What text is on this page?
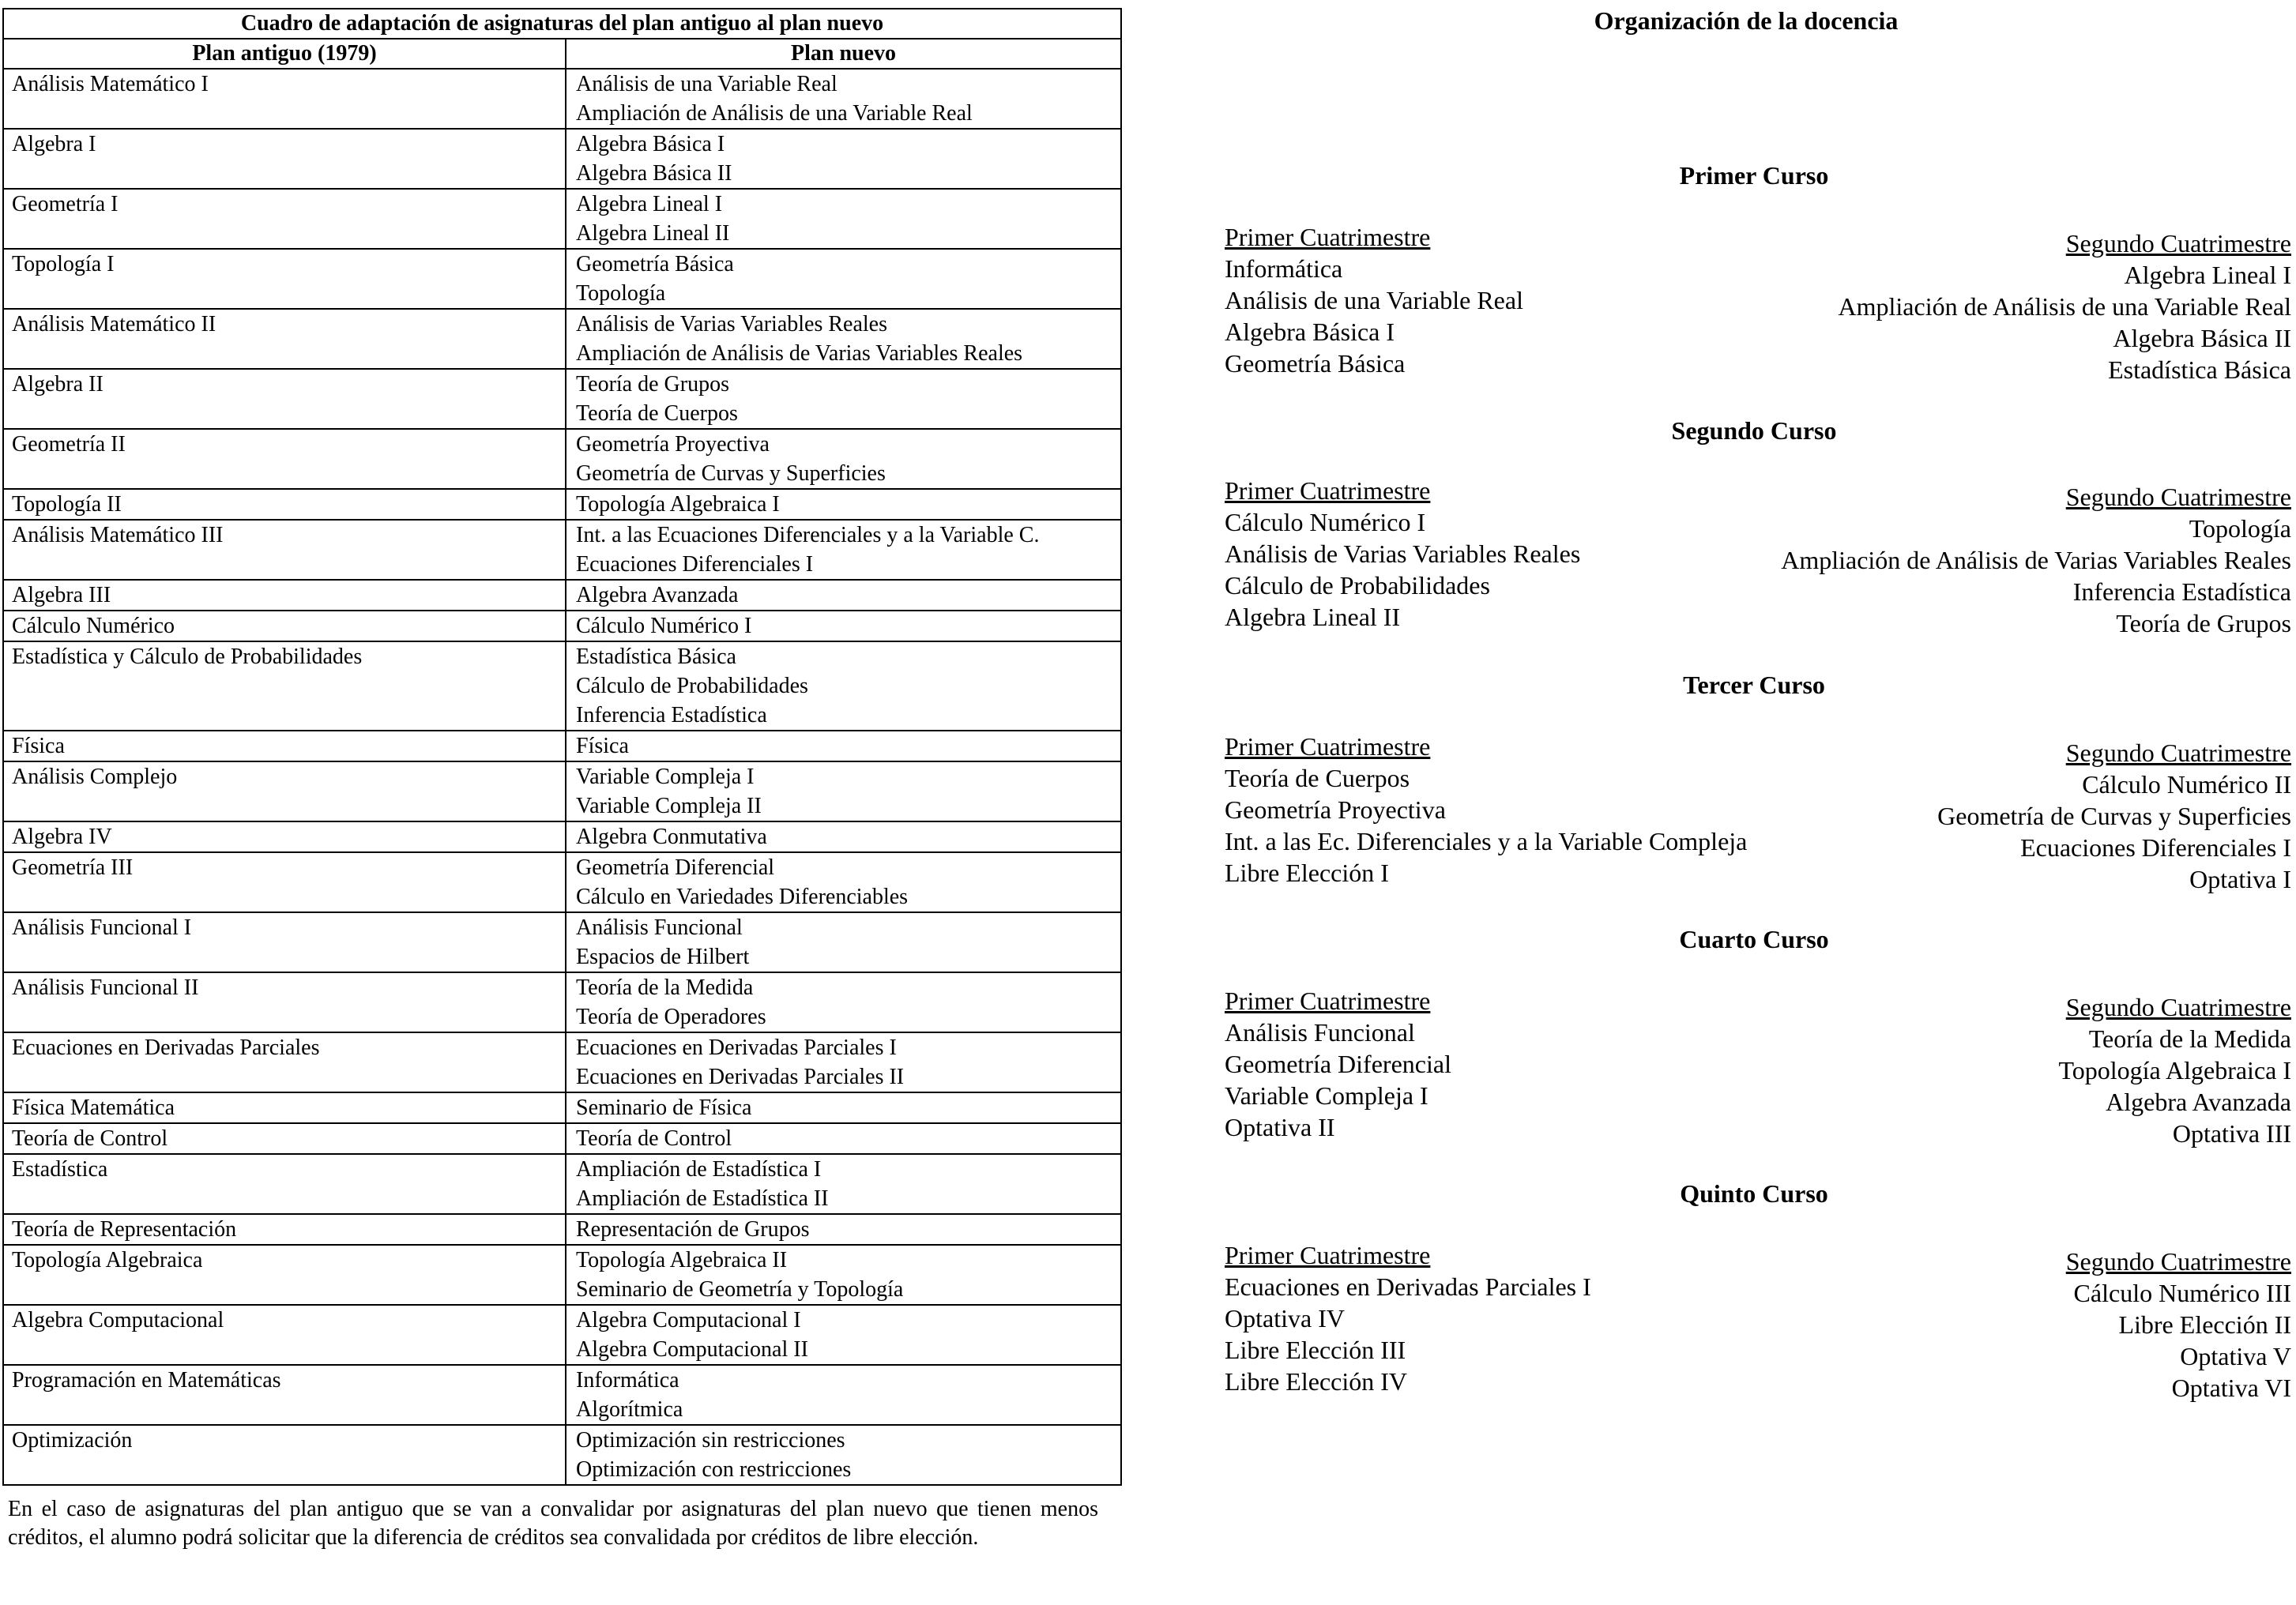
Cuadro de adaptación de asignaturas del plan antiguo al plan nuevo	
Plan antiguo (1979)	Plan nuevo

Análisis Matemático I	Análisis de una Variable Real
Ampliación de Análisis de una Variable Real

Algebra I	Algebra Básica I
Algebra Básica II

Geometría I	Algebra Lineal I
Algebra Lineal II

Topología I	Geometría Básica
Topología

Análisis Matemático II	Análisis de Varias Variables Reales
Ampliación de Análisis de Varias Variables Reales

Algebra II	Teoría de Grupos
Teoría de Cuerpos

Geometría II	Geometría Proyectiva
Geometría de Curvas y Superficies

Topología II	Topología Algebraica I

Análisis Matemático III	Int. a las Ecuaciones Diferenciales y a la Variable C.
Ecuaciones Diferenciales I

Algebra III	Algebra Avanzada

Cálculo Numérico	Cálculo Numérico I

Estadística y Cálculo de Probabilidades	Estadística Básica
Cálculo de Probabilidades
Inferencia Estadística

Física	Física

Análisis Complejo	Variable Compleja I
Variable Compleja II

Algebra IV	Algebra Conmutativa

Geometría III	Geometría Diferencial
Cálculo en Variedades Diferenciables

Análisis Funcional I	Análisis Funcional
Espacios de Hilbert

Análisis Funcional II	Teoría de la Medida
Teoría de Operadores

Ecuaciones en Derivadas Parciales	Ecuaciones en Derivadas Parciales I
Ecuaciones en Derivadas Parciales II

Física Matemática	Seminario de Física

Teoría de Control	Teoría de Control

Estadística	Ampliación de Estadística I
Ampliación de Estadística II

Teoría de Representación	Representación de Grupos

Topología Algebraica	Topología Algebraica II
Seminario de Geometría y Topología

Algebra Computacional	Algebra Computacional I
Algebra Computacional II

Programación en Matemáticas	Informática
Algorítmica

Optimización	Optimización sin restricciones
Optimización con restricciones
En el caso de asignaturas del plan antiguo que se van a convalidar por asignaturas del plan nuevo que tienen menos créditos, el alumno podrá solicitar que la diferencia de créditos sea convalidada por créditos de libre elección.
Organización de la docencia
Primer Curso
Primer Cuatrimestre
Informática
Análisis de una Variable Real
Algebra Básica I
Geometría Básica
Segundo Cuatrimestre
Algebra Lineal I
Ampliación de Análisis de una Variable Real
Algebra Básica II
Estadística Básica
Segundo Curso
Primer Cuatrimestre
Cálculo Numérico I
Análisis de Varias Variables Reales
Cálculo de Probabilidades
Algebra Lineal II
Segundo Cuatrimestre
Topología
Ampliación de Análisis de Varias Variables Reales
Inferencia Estadística
Teoría de Grupos
Tercer Curso
Primer Cuatrimestre
Teoría de Cuerpos
Geometría Proyectiva
Int. a las Ec. Diferenciales y a la Variable Compleja
Libre Elección I
Segundo Cuatrimestre
Cálculo Numérico II
Geometría de Curvas y Superficies
Ecuaciones Diferenciales I
Optativa I
Cuarto Curso
Primer Cuatrimestre
Análisis Funcional
Geometría Diferencial
Variable Compleja I
Optativa II
Segundo Cuatrimestre
Teoría de la Medida
Topología Algebraica I
Algebra Avanzada
Optativa III
Quinto Curso
Primer Cuatrimestre
Ecuaciones en Derivadas Parciales I
Optativa IV
Libre Elección III
Libre Elección IV
Segundo Cuatrimestre
Cálculo Numérico III
Libre Elección II
Optativa V
Optativa VI
